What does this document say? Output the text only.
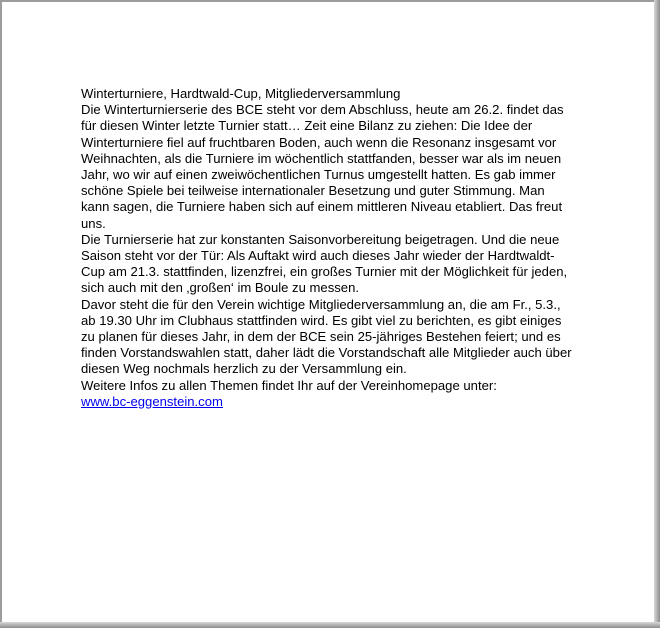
Winterturniere, Hardtwald-Cup, Mitgliederversammlung
Die Winterturnierserie des BCE steht vor dem Abschluss, heute am 26.2. findet das
für diesen Winter letzte Turnier statt… Zeit eine Bilanz zu ziehen: Die Idee der
Winterturniere fiel auf fruchtbaren Boden, auch wenn die Resonanz insgesamt vor
Weihnachten, als die Turniere im wöchentlich stattfanden, besser war als im neuen
Jahr, wo wir auf einen zweiwöchentlichen Turnus umgestellt hatten. Es gab immer
schöne Spiele bei teilweise internationaler Besetzung und guter Stimmung. Man
kann sagen, die Turniere haben sich auf einem mittleren Niveau etabliert. Das freut
uns.
Die Turnierserie hat zur konstanten Saisonvorbereitung beigetragen. Und die neue
Saison steht vor der Tür: Als Auftakt wird auch dieses Jahr wieder der Hardtwaldt-
Cup am 21.3. stattfinden, lizenzfrei, ein großes Turnier mit der Möglichkeit für jeden,
sich auch mit den ‚großen‘ im Boule zu messen.
Davor steht die für den Verein wichtige Mitgliederversammlung an, die am Fr., 5.3.,
ab 19.30 Uhr im Clubhaus stattfinden wird. Es gibt viel zu berichten, es gibt einiges
zu planen für dieses Jahr, in dem der BCE sein 25-jähriges Bestehen feiert; und es
finden Vorstandswahlen statt, daher lädt die Vorstandschaft alle Mitglieder auch über
diesen Weg nochmals herzlich zu der Versammlung ein.
Weitere Infos zu allen Themen findet Ihr auf der Vereinhomepage unter:
www.bc-eggenstein.com
